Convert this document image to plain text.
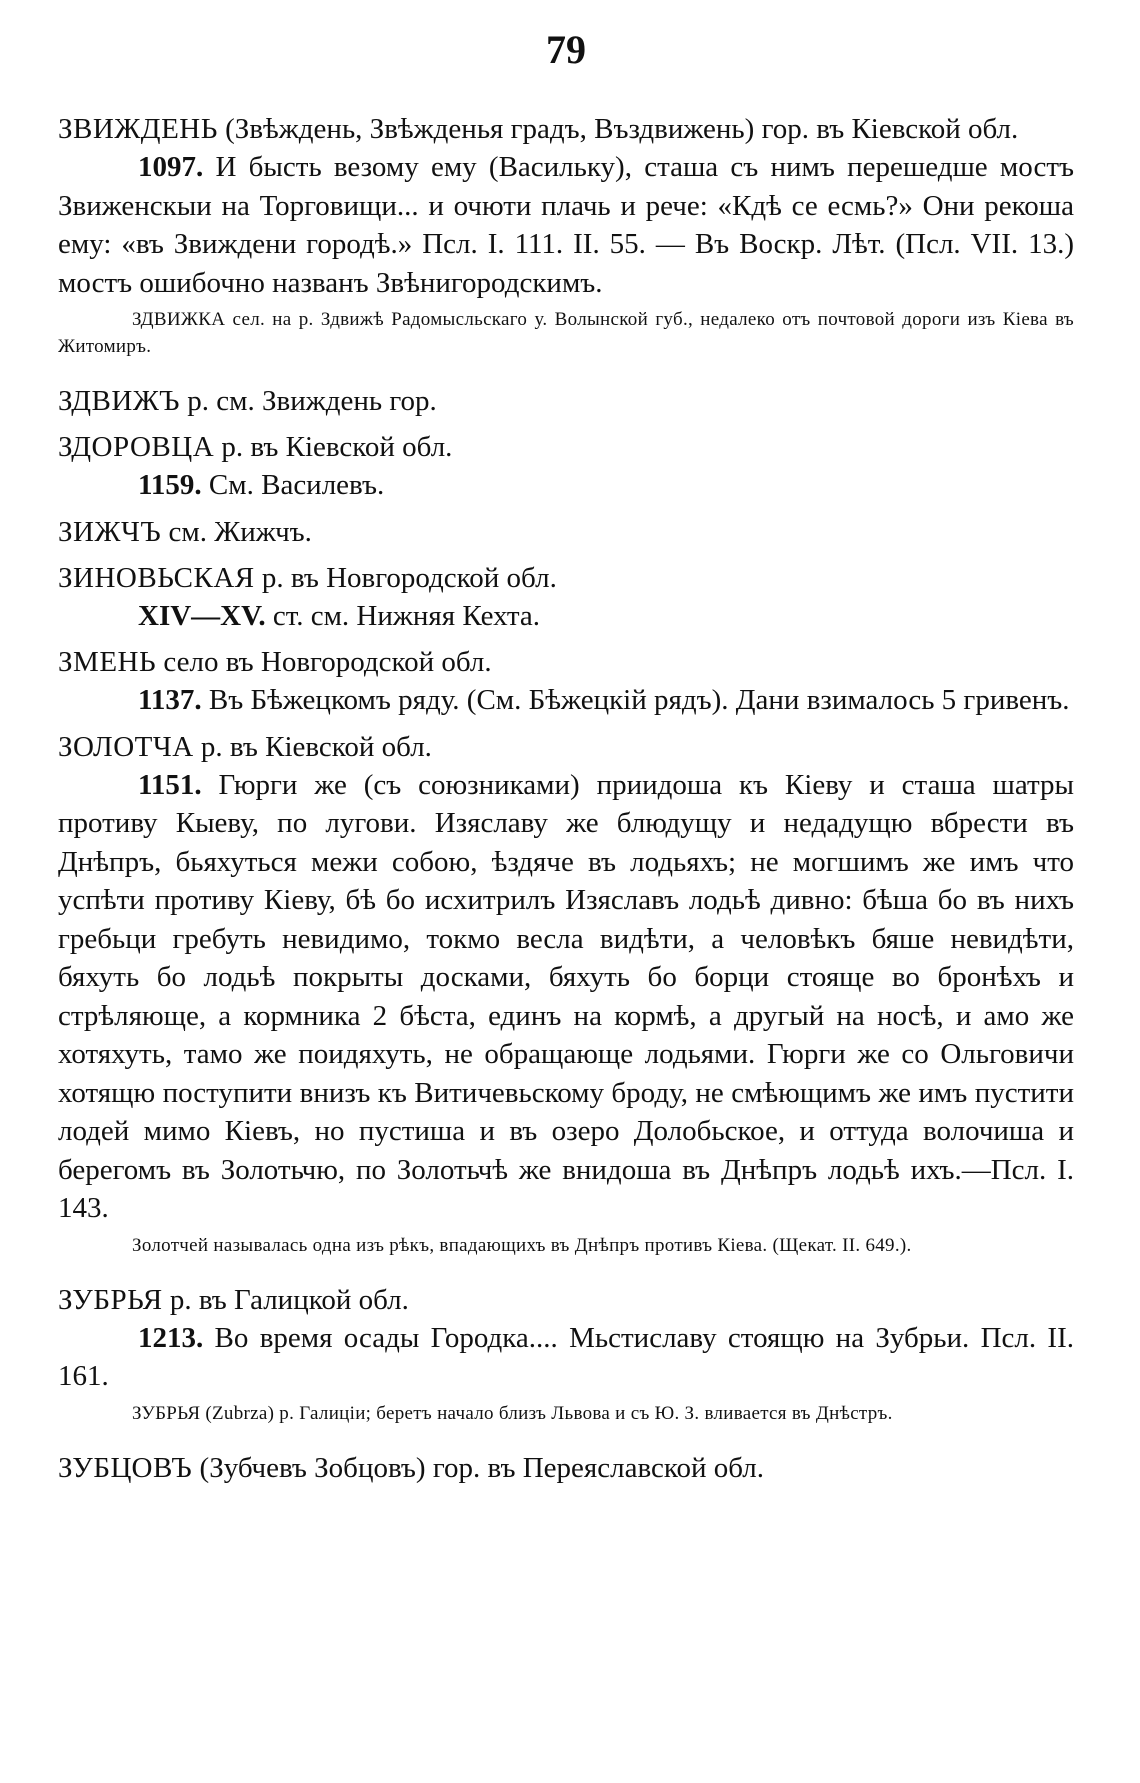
79
ЗВИЖДЕНЬ (Звѣждень, Звѣжденья градъ, Въздвижень) гор. въ Кіевской обл.
1097. И бысть везому ему (Васильку), сташа съ нимъ перешедше мостъ Звиженскыи на Торговищи... и очюти плачь и рече: «Кдѣ се есмь?» Они рекоша ему: «въ Звиждени городѣ.» Псл. I. 111. II. 55. — Въ Воскр. Лѣт. (Псл. VII. 13.) мостъ ошибочно названъ Звѣнигородскимъ.
ЗДВИЖКА сел. на р. Здвижѣ Радомысльскаго у. Волынской губ., недалеко отъ почтовой дороги изъ Кіева въ Житомиръ.
ЗДВИЖЪ р. см. Звиждень гор.
ЗДОРОВЦА р. въ Кіевской обл.
1159. См. Василевъ.
ЗИЖЧЪ см. Жижчъ.
ЗИНОВЬСКАЯ р. въ Новгородской обл.
XIV—XV. ст. см. Нижняя Кехта.
ЗМЕНЬ село въ Новгородской обл.
1137. Въ Бѣжецкомъ ряду. (См. Бѣжецкій рядъ). Дани взималось 5 гривенъ.
ЗОЛОТЧА р. въ Кіевской обл.
1151. Гюрги же (съ союзниками) приидоша къ Кіеву и сташа шатры противу Кыеву, по лугови. Изяславу же блюдущу и недадущю вбрести въ Днѣпръ, бьяхуться межи собою, ѣздяче въ лодьяхъ; не могшимъ же имъ что успѣти противу Кіеву, бѣ бо исхитрилъ Изяславъ лодьѣ дивно: бѣша бо въ нихъ гребьци гребуть невидимо, токмо весла видѣти, а человѣкъ бяше невидѣти, бяхуть бо лодьѣ покрыты досками, бяхуть бо борци стояще во бронѣхъ и стрѣляюще, а кормника 2 бѣста, единъ на кормѣ, а другый на носѣ, и амо же хотяхуть, тамо же поидяхуть, не обращающе лодьями. Гюрги же со Ольговичи хотящю поступити внизъ къ Витичевьскому броду, не смѣющимъ же имъ пустити лодей мимо Кіевъ, но пустиша и въ озеро Долобьское, и оттуда волочиша и берегомъ въ Золотьчю, по Золотьчѣ же внидоша въ Днѣпръ лодьѣ ихъ.—Псл. I. 143.
Золотчей называлась одна изъ рѣкъ, впадающихъ въ Днѣпръ противъ Кіева. (Щекат. II. 649.).
ЗУБРЬЯ р. въ Галицкой обл.
1213. Во время осады Городка.... Мьстиславу стоящю на Зубрьи. Псл. II. 161.
ЗУБРЬЯ (Zubrza) р. Галиціи; беретъ начало близъ Львова и съ Ю. З. вливается въ Днѣстръ.
ЗУБЦОВЪ (Зубчевъ Зобцовъ) гор. въ Переяславской обл.
